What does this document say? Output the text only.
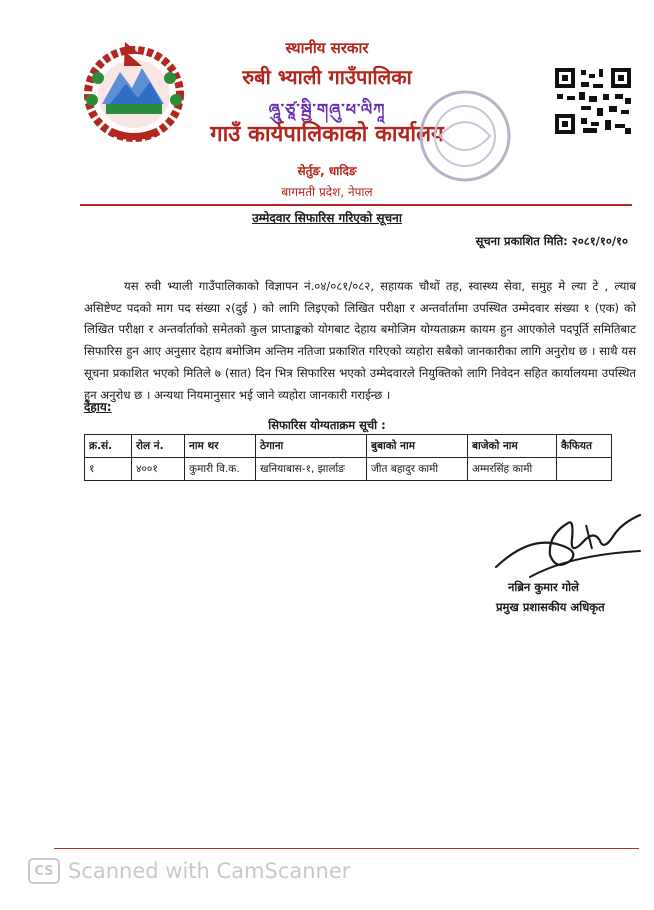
स्थानीय सरकार
रुबी भ्याली गाउँपालिका
ཞཱུ་ཙཱ་སྦྱི་གཞུ་ཕ་ལིཀཱ
गाउँ कार्यपालिकाको कार्यालय
सेर्तुङ, धादिङ
बागमती प्रदेश, नेपाल
उम्मेदवार सिफारिस गरिएको सूचना
सूचना प्रकाशित मिति: २०८१/१०/१०
यस रुवी भ्याली गाउँपालिकाको विज्ञापन नं.०४/०८१/०८२, सहायक चौथों तह, स्वास्थ्य सेवा, समुह मे ल्या टे , ल्याब असिष्टेण्ट पदको माग पद संख्या २(दुई ) को लागि लिइएको लिखित परीक्षा र अन्तर्वार्तामा उपस्थित उम्मेदवार संख्या १ (एक) को लिखित परीक्षा र अन्तर्वार्ताको समेतको कुल प्राप्ताङ्कको योगबाट देहाय बमोजिम योग्यताक्रम कायम हुन आएकोले पदपूर्ति समितिबाट सिफारिस हुन आए अनुसार देहाय बमोजिम अन्तिम नतिजा प्रकाशित गरिएको व्यहोरा सबैको जानकारीका लागि अनुरोध छ । साथै यस सूचना प्रकाशित भएको मितिले ७ (सात) दिन भित्र सिफारिस भएको उम्मेदवारले नियुक्तिको लागि निवेदन सहित कार्यालयमा उपस्थित हुन अनुरोध छ । अन्यथा नियमानुसार भई जाने व्यहोरा जानकारी गराईन्छ ।
देहाय:
सिफारिस योग्यताक्रम सूची :
क्र.सं.	रोल नं.	नाम थर	ठेगाना	बुबाको नाम	बाजेको नाम	कैफियत
१	४००१	कुमारी वि.क.	खनियाबास-१, झार्लाङ	जीत बहादुर कामी	अम्मरसिंह कामी	
नब्रिन कुमार गोले
प्रमुख प्रशासकीय अधिकृत
CS Scanned with CamScanner
